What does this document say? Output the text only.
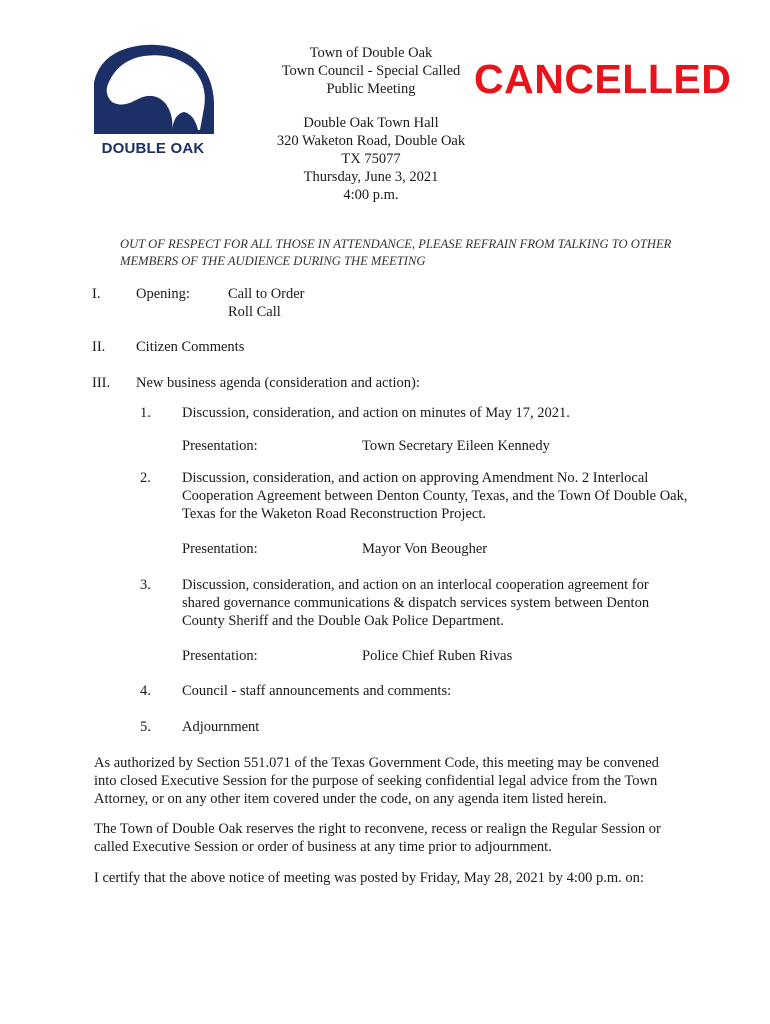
DOUBLE OAK
Town of Double Oak
Town Council - Special Called
Public Meeting
Double Oak Town Hall
320 Waketon Road, Double Oak
TX 75077
Thursday, June 3, 2021
4:00 p.m.
CANCELLED
OUT OF RESPECT FOR ALL THOSE IN ATTENDANCE, PLEASE REFRAIN FROM TALKING TO OTHER
MEMBERS OF THE AUDIENCE DURING THE MEETING
I. Opening:	Call to Order
Roll Call
II. Citizen Comments
III. New business agenda (consideration and action):
1. Discussion, consideration, and action on minutes of May 17, 2021.
Presentation:	Town Secretary Eileen Kennedy
2. Discussion, consideration, and action on approving Amendment No. 2 Interlocal
Cooperation Agreement between Denton County, Texas, and the Town Of Double Oak,
Texas for the Waketon Road Reconstruction Project.
Presentation:	Mayor Von Beougher
3. Discussion, consideration, and action on an interlocal cooperation agreement for
shared governance communications & dispatch services system between Denton
County Sheriff and the Double Oak Police Department.
Presentation:	Police Chief Ruben Rivas
4. Council - staff announcements and comments:
5. Adjournment
As authorized by Section 551.071 of the Texas Government Code, this meeting may be convened
into closed Executive Session for the purpose of seeking confidential legal advice from the Town
Attorney, or on any other item covered under the code, on any agenda item listed herein.
The Town of Double Oak reserves the right to reconvene, recess or realign the Regular Session or
called Executive Session or order of business at any time prior to adjournment.
I certify that the above notice of meeting was posted by Friday, May 28, 2021 by 4:00 p.m. on:
